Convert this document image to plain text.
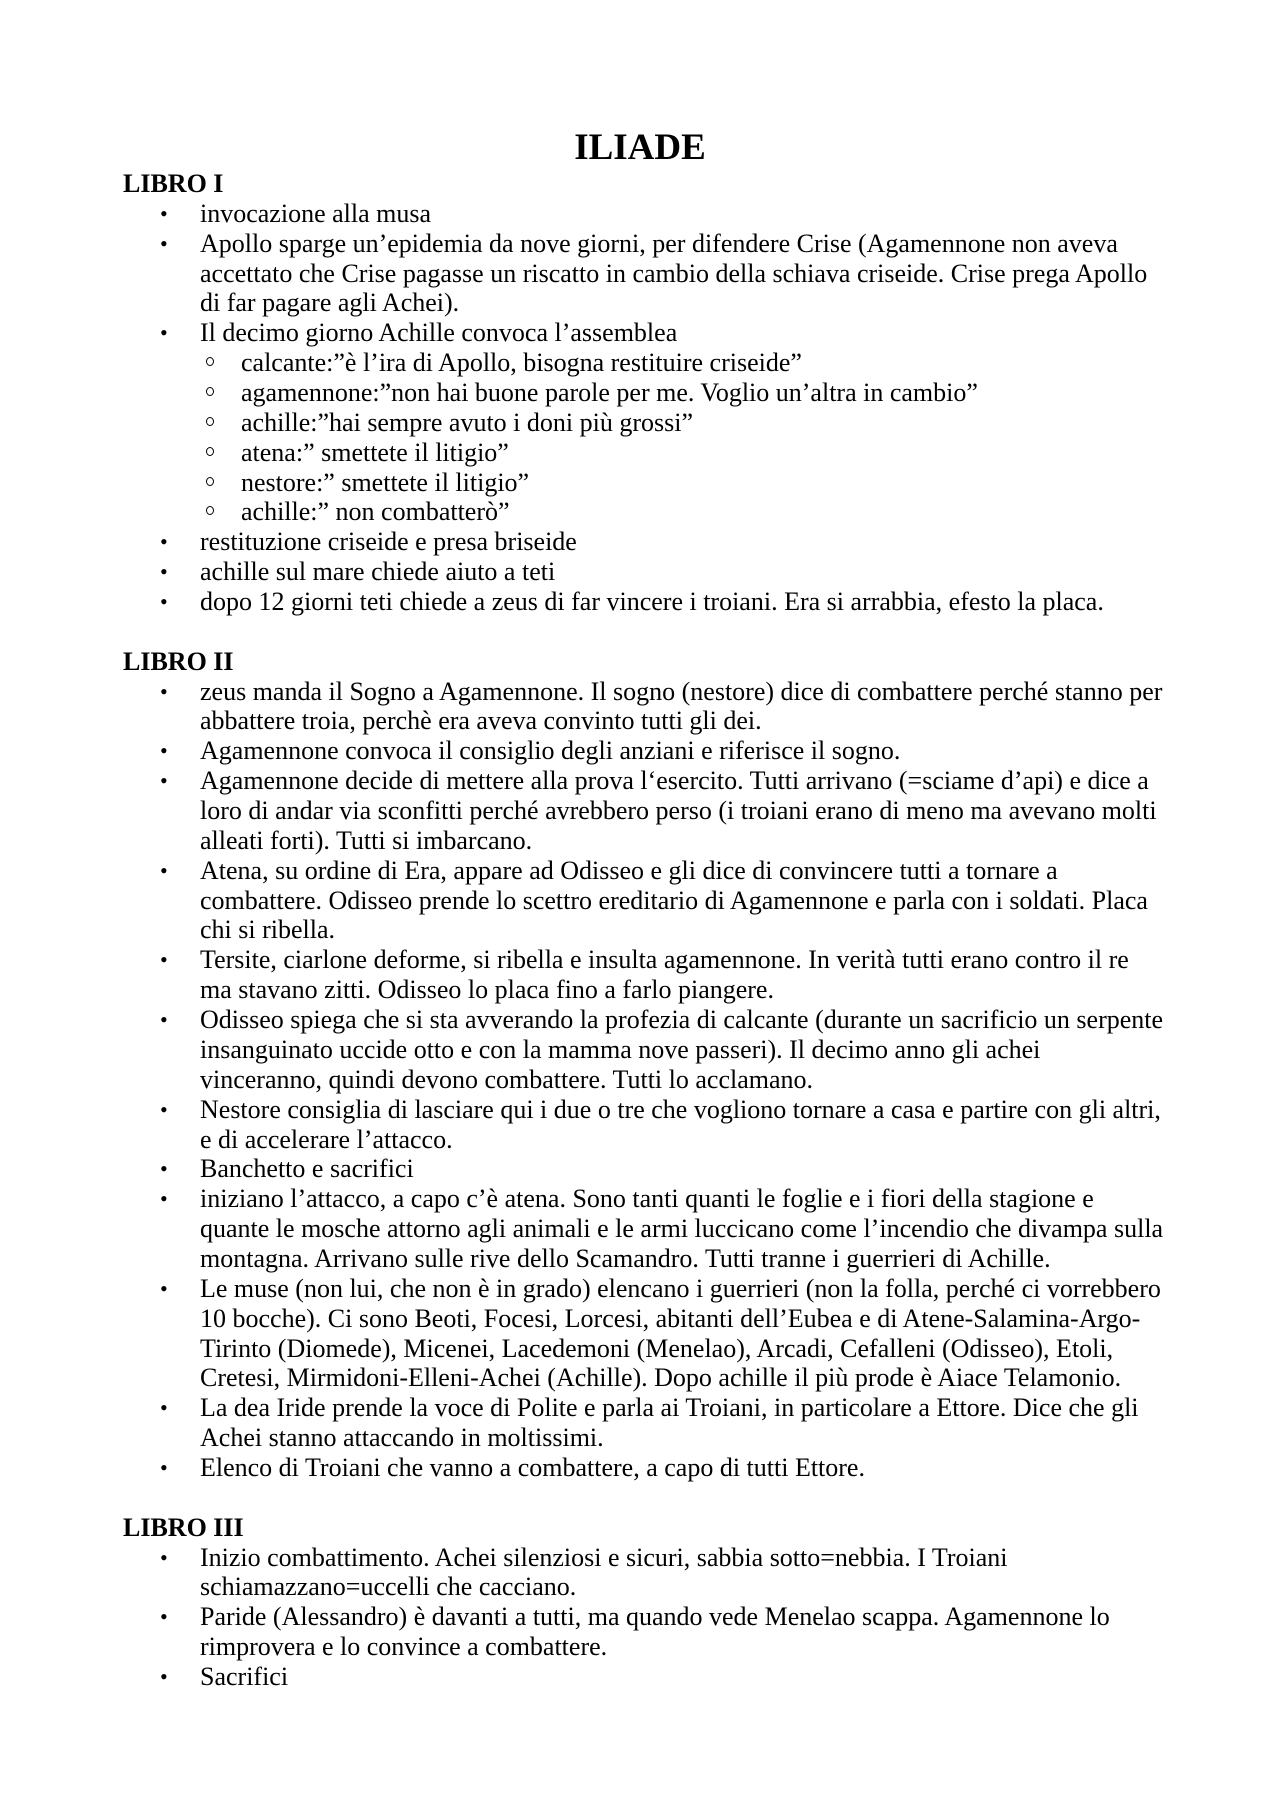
ILIADE
LIBRO I
• invocazione alla musa
• Apollo sparge un’epidemia da nove giorni, per difendere Crise (Agamennone non aveva
accettato che Crise pagasse un riscatto in cambio della schiava criseide. Crise prega Apollo
di far pagare agli Achei).
• Il decimo giorno Achille convoca l’assemblea
calcante:”è l’ira di Apollo, bisogna restituire criseide”
agamennone:”non hai buone parole per me. Voglio un’altra in cambio”
achille:”hai sempre avuto i doni più grossi”
atena:” smettete il litigio”
nestore:” smettete il litigio”
achille:” non combatterò”
• restituzione criseide e presa briseide
• achille sul mare chiede aiuto a teti
• dopo 12 giorni teti chiede a zeus di far vincere i troiani. Era si arrabbia, efesto la placa.
LIBRO II
• zeus manda il Sogno a Agamennone. Il sogno (nestore) dice di combattere perché stanno per
abbattere troia, perchè era aveva convinto tutti gli dei.
• Agamennone convoca il consiglio degli anziani e riferisce il sogno.
• Agamennone decide di mettere alla prova l‘esercito. Tutti arrivano (=sciame d’api) e dice a
loro di andar via sconfitti perché avrebbero perso (i troiani erano di meno ma avevano molti
alleati forti). Tutti si imbarcano.
• Atena, su ordine di Era, appare ad Odisseo e gli dice di convincere tutti a tornare a
combattere. Odisseo prende lo scettro ereditario di Agamennone e parla con i soldati. Placa
chi si ribella.
• Tersite, ciarlone deforme, si ribella e insulta agamennone. In verità tutti erano contro il re
ma stavano zitti. Odisseo lo placa fino a farlo piangere.
• Odisseo spiega che si sta avverando la profezia di calcante (durante un sacrificio un serpente
insanguinato uccide otto e con la mamma nove passeri). Il decimo anno gli achei
vinceranno, quindi devono combattere. Tutti lo acclamano.
• Nestore consiglia di lasciare qui i due o tre che vogliono tornare a casa e partire con gli altri,
e di accelerare l’attacco.
• Banchetto e sacrifici
• iniziano l’attacco, a capo c’è atena. Sono tanti quanti le foglie e i fiori della stagione e
quante le mosche attorno agli animali e le armi luccicano come l’incendio che divampa sulla
montagna. Arrivano sulle rive dello Scamandro. Tutti tranne i guerrieri di Achille.
• Le muse (non lui, che non è in grado) elencano i guerrieri (non la folla, perché ci vorrebbero
10 bocche). Ci sono Beoti, Focesi, Lorcesi, abitanti dell’Eubea e di Atene-Salamina-Argo-
Tirinto (Diomede), Micenei, Lacedemoni (Menelao), Arcadi, Cefalleni (Odisseo), Etoli,
Cretesi, Mirmidoni-Elleni-Achei (Achille). Dopo achille il più prode è Aiace Telamonio.
• La dea Iride prende la voce di Polite e parla ai Troiani, in particolare a Ettore. Dice che gli
Achei stanno attaccando in moltissimi.
• Elenco di Troiani che vanno a combattere, a capo di tutti Ettore.
LIBRO III
• Inizio combattimento. Achei silenziosi e sicuri, sabbia sotto=nebbia. I Troiani
schiamazzano=uccelli che cacciano.
• Paride (Alessandro) è davanti a tutti, ma quando vede Menelao scappa. Agamennone lo
rimprovera e lo convince a combattere.
• Sacrifici
